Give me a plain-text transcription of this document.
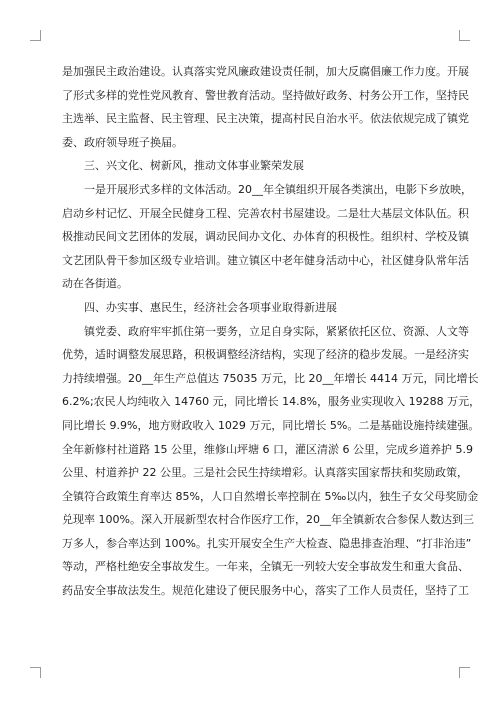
是加强民主政治建设。认真落实党风廉政建设责任制，加大反腐倡廉工作力度。开展
了形式多样的党性党风教育、警世教育活动。坚持做好政务、村务公开工作，坚持民
主选举、民主监督、民主管理、民主决策，提高村民自治水平。依法依规完成了镇党
委、政府领导班子换届。
三、兴文化、树新风，推动文体事业繁荣发展
一是开展形式多样的文体活动。20__年全镇组织开展各类演出，电影下乡放映，
启动乡村记忆、开展全民健身工程、完善农村书屋建设。二是壮大基层文体队伍。积
极推动民间文艺团体的发展，调动民间办文化、办体育的积极性。组织村、学校及镇
文艺团队骨干参加区级专业培训。建立镇区中老年健身活动中心，社区健身队常年活
动在各街道。
四、办实事、惠民生，经济社会各项事业取得新进展
镇党委、政府牢牢抓住第一要务，立足自身实际，紧紧依托区位、资源、人文等
优势，适时调整发展思路，积极调整经济结构，实现了经济的稳步发展。一是经济实
力持续增强。20__年生产总值达 75035 万元，比 20__年增长 4414 万元，同比增长
6.2%;农民人均纯收入 14760 元，同比增长 14.8%，服务业实现收入 19288 万元，
同比增长 9.9%，地方财政收入 1029 万元，同比增长 5%。二是基础设施持续建强。
全年新修村社道路 15 公里，维修山坪塘 6 口，灌区清淤 6 公里，完成乡道养护 5.9
公里、村道养护 22 公里。三是社会民生持续增彩。认真落实国家帮扶和奖励政策，
全镇符合政策生育率达 85%，人口自然增长率控制在 5‰以内，独生子女父母奖励金
兑现率 100%。深入开展新型农村合作医疗工作，20__年全镇新农合参保人数达到三
万多人，参合率达到 100%。扎实开展安全生产大检查、隐患排查治理、“打非治违”
等动，严格杜绝安全事故发生。一年来，全镇无一列较大安全事故发生和重大食品、
药品安全事故法发生。规范化建设了便民服务中心，落实了工作人员责任，坚持了工
